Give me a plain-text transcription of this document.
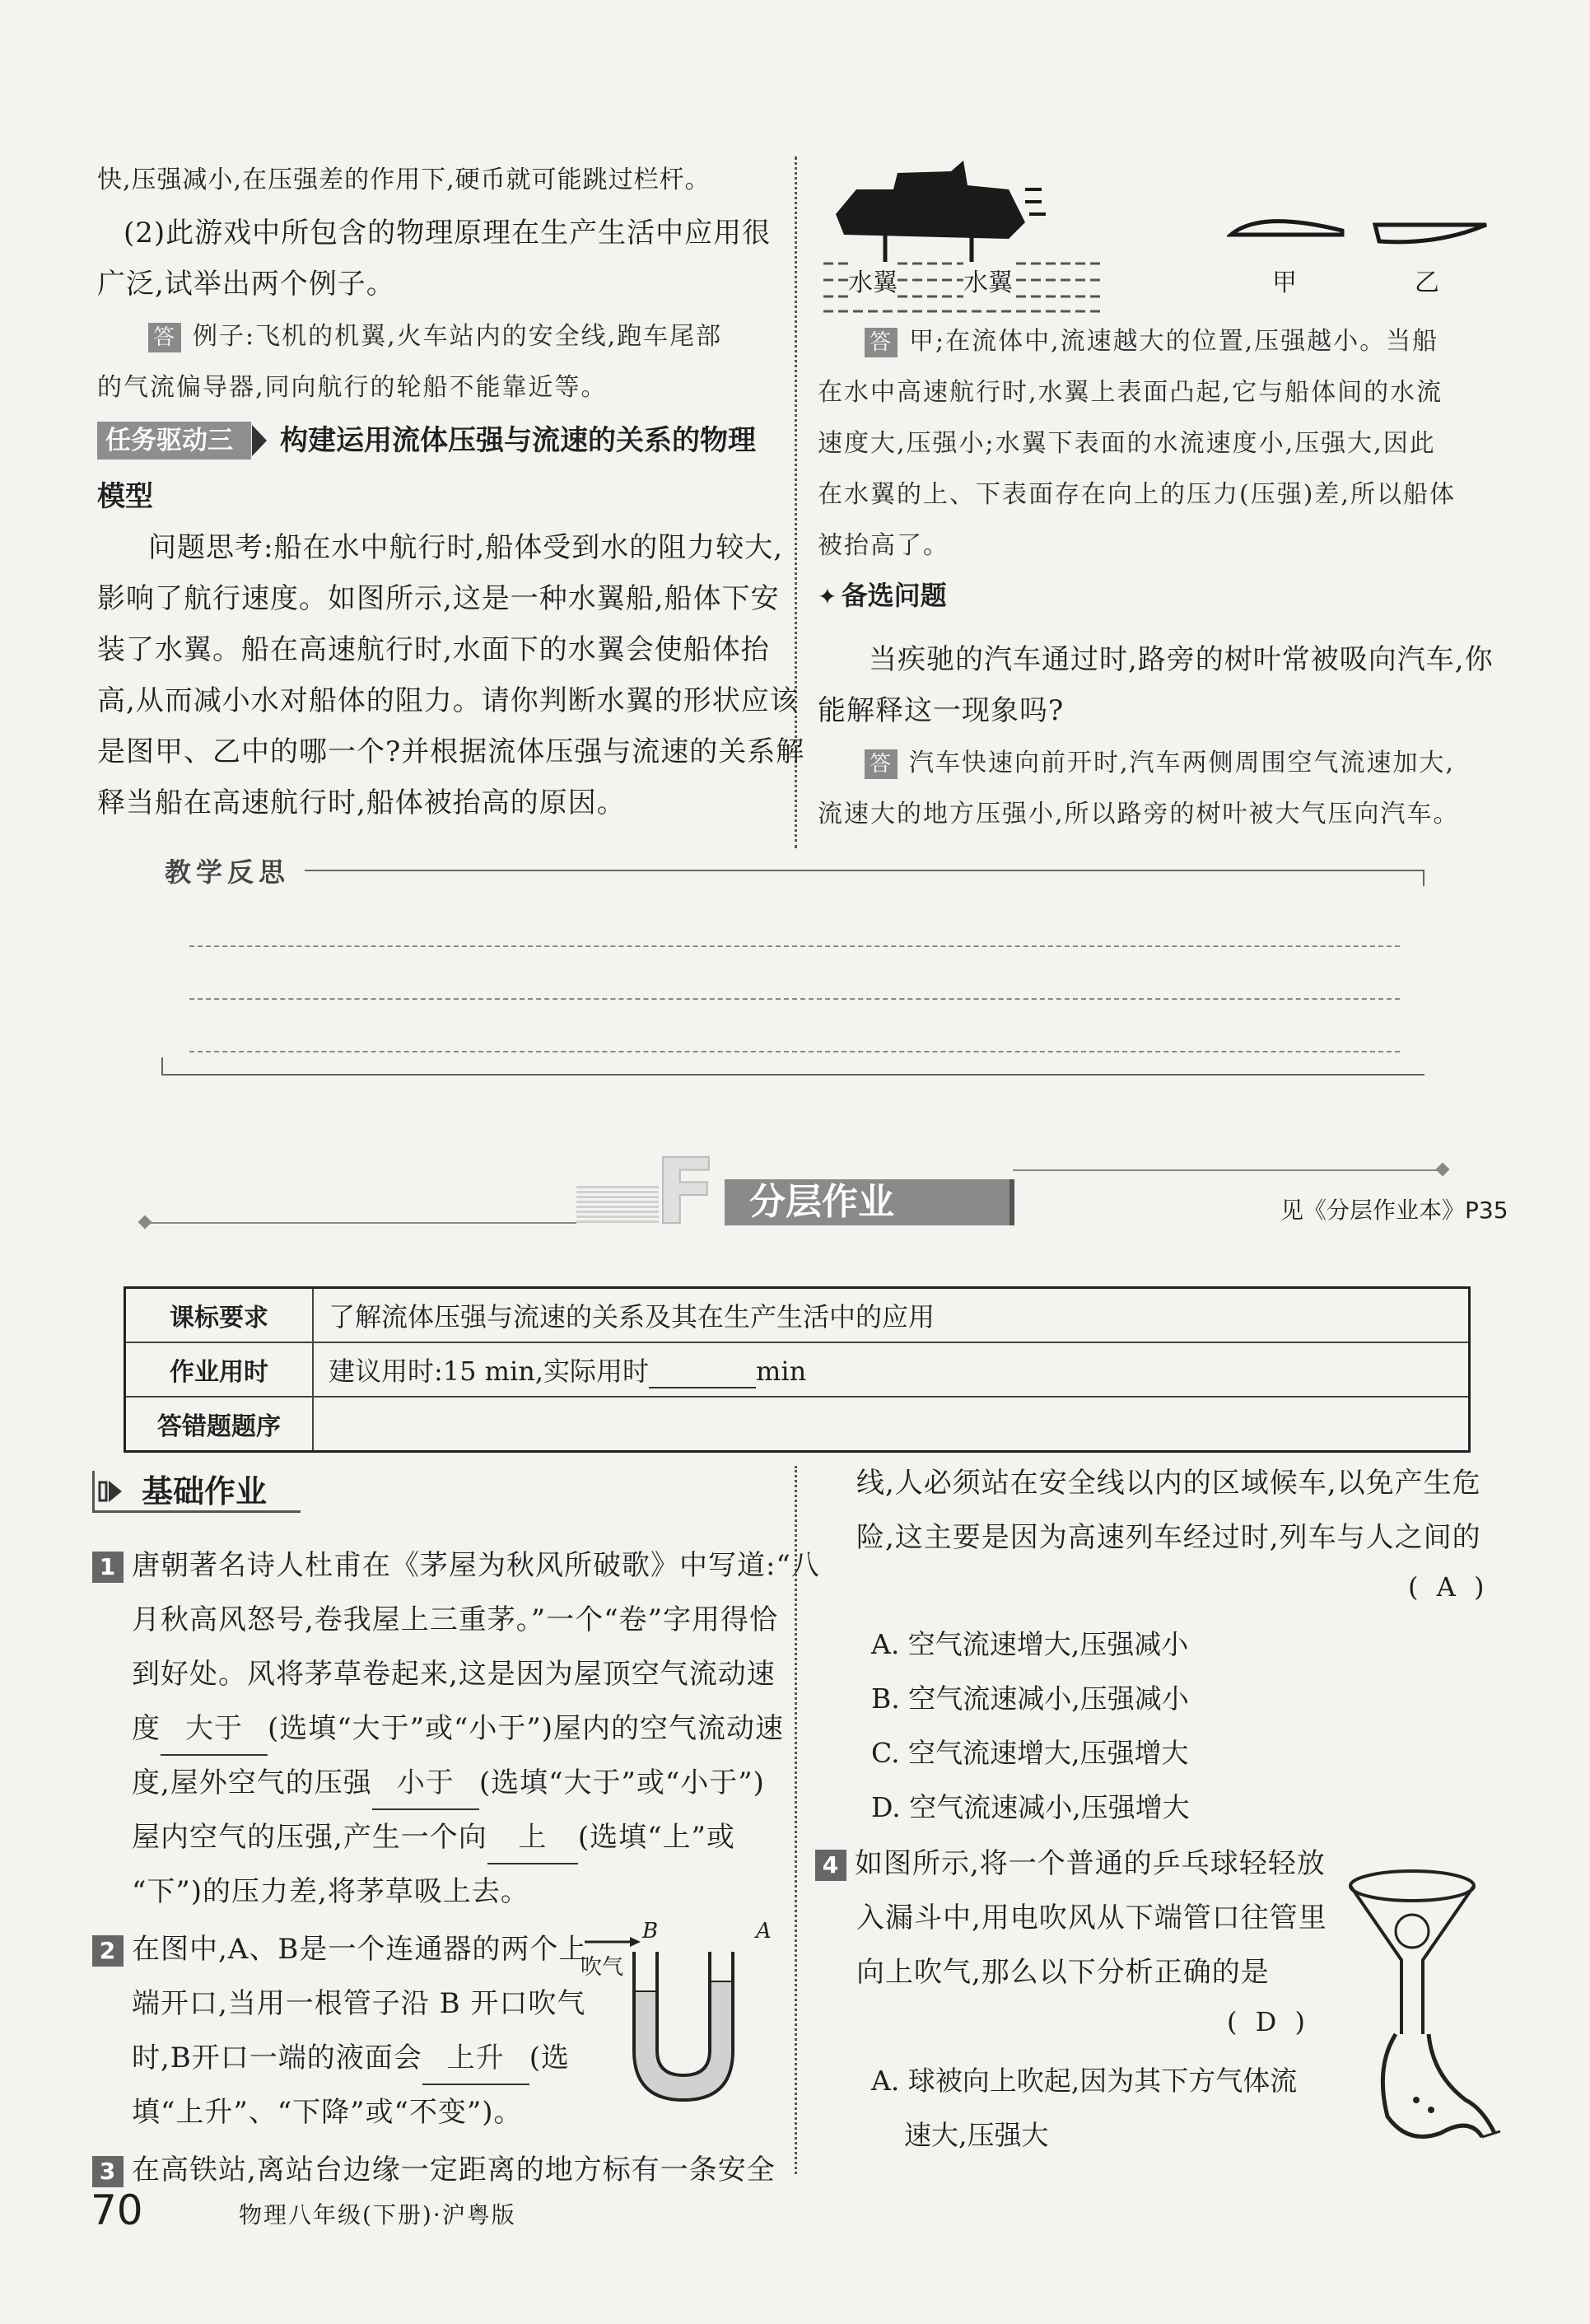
快,压强减小,在压强差的作用下,硬币就可能跳过栏杆。
(2)此游戏中所包含的物理原理在生产生活中应用很
广泛,试举出两个例子。
答 例子:飞机的机翼,火车站内的安全线,跑车尾部
的气流偏导器,同向航行的轮船不能靠近等。
任务驱动三	构建运用流体压强与流速的关系的物理
模型
问题思考:船在水中航行时,船体受到水的阻力较大,
影响了航行速度。如图所示,这是一种水翼船,船体下安
装了水翼。船在高速航行时,水面下的水翼会使船体抬
高,从而减小水对船体的阻力。请你判断水翼的形状应该
是图甲、乙中的哪一个?并根据流体压强与流速的关系解
释当船在高速航行时,船体被抬高的原因。
水翼	水翼	甲	乙
答 甲;在流体中,流速越大的位置,压强越小。当船
在水中高速航行时,水翼上表面凸起,它与船体间的水流
速度大,压强小;水翼下表面的水流速度小,压强大,因此
在水翼的上、下表面存在向上的压力(压强)差,所以船体
被抬高了。
✦ 备选问题
当疾驰的汽车通过时,路旁的树叶常被吸向汽车,你
能解释这一现象吗?
答 汽车快速向前开时,汽车两侧周围空气流速加大,
流速大的地方压强小,所以路旁的树叶被大气压向汽车。
教学反思
F 分层作业	见《分层作业本》P35
课标要求	了解流体压强与流速的关系及其在生产生活中的应用
作业用时	建议用时:15 min,实际用时 min
答错题题序	
基础作业
1 唐朝著名诗人杜甫在《茅屋为秋风所破歌》中写道:“八
月秋高风怒号,卷我屋上三重茅。”一个“卷”字用得恰
到好处。风将茅草卷起来,这是因为屋顶空气流动速
度 大于 (选填“大于”或“小于”)屋内的空气流动速
度,屋外空气的压强 小于 (选填“大于”或“小于”)
屋内空气的压强,产生一个向 上 (选填“上”或
“下”)的压力差,将茅草吸上去。
2 在图中,A、B是一个连通器的两个上
端开口,当用一根管子沿 B 开口吹气
时,B开口一端的液面会 上升 (选
填“上升”、“下降”或“不变”)。
吹气
B	A
3 在高铁站,离站台边缘一定距离的地方标有一条安全
线,人必须站在安全线以内的区域候车,以免产生危
险,这主要是因为高速列车经过时,列车与人之间的
( A )
A. 空气流速增大,压强减小
B. 空气流速减小,压强减小
C. 空气流速增大,压强增大
D. 空气流速减小,压强增大
4 如图所示,将一个普通的乒乓球轻轻放
入漏斗中,用电吹风从下端管口往管里
向上吹气,那么以下分析正确的是
( D )
A. 球被向上吹起,因为其下方气体流
速大,压强大
70	物理八年级(下册)·沪粤版
